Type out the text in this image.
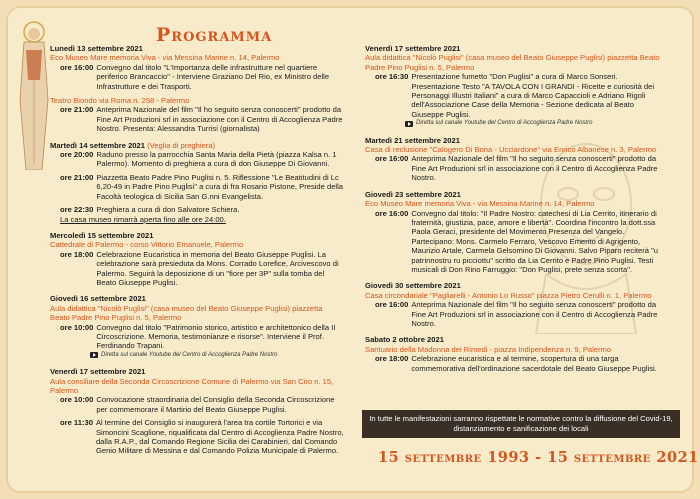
Programma
Lunedì 13 settembre 2021
Eco Museo Mare memoria Viva - via Messina Marine n. 14, Palermo
ore 16:00 Convegno dal titolo "L'Importanza delle infrastrutture nel quartiere periferico Brancaccio" - Interviene Graziano Del Rio, ex Ministro delle Infrastrutture e dei Trasporti.
Teatro Biondo via Roma n. 258 - Palermo
ore 21:00 Anteprima Nazionale del film "Il ho seguito senza conoscerti" prodotto da Fine Art Produzioni srl in associazione con il Centro di Accoglienza Padre Nostro. Presenta: Alessandra Turrisi (giornalista)
Martedì 14 settembre 2021 (Veglia di preghiera)
ore 20:00 Raduno presso la parrocchia Santa Maria della Pietà (piazza Kalsa n. 1 Palermo). Momento di preghiera a cura di don Giuseppe Di Giovanni.
ore 21:00 Piazzetta Beato Padre Pino Puglisi n. 5. Riflessione "Le Beatitudini di Lc 6,20-49 in Padre Pino Puglisi" a cura di fra Rosario Pistone, Preside della Facoltà teologica di Sicilia San G.nni Evangelista.
ore 22:30 Preghiera a cura di don Salvatore Schiera.
La casa museo rimarrà aperta fino alle ore 24:00.
Mercoledì 15 settembre 2021
Cattedrale di Palermo - corso Vittorio Emanuele, Palermo
ore 18:00 Celebrazione Eucaristica in memoria del Beato Giuseppe Puglisi. La celebrazione sarà presieduta da Mons. Corrado Lorefice, Arcivescovo di Palermo. Seguirà la deposizione di un "fiore per 3P" sulla tomba del Beato Giuseppe Puglisi.
Giovedì 16 settembre 2021
Aula didattica "Nicolò Puglisi" (casa museo del Beato Giuseppe Puglisi) piazzetta Beato Padre Pino Puglisi n. 5, Palermo
ore 10:00 Convegno dal titolo "Patrimonio storico, artistico e architettonico della II Circoscrizione. Memoria, testimonianze e risorse". Interviene il Prof. Ferdinando Trapani.
Diretta sul canale Youtube del Centro di Accoglienza Padre Nostro
Venerdì 17 settembre 2021
Aula consiliare della Seconda Circoscrizione Comune di Palermo via San Ciro n. 15, Palermo
ore 10:00 Convocazione straordinaria del Consiglio della Seconda Circoscrizione per commemorare il Martirio del Beato Giuseppe Puglisi.
ore 11:30 Al termine del Consiglio si inaugurerà l'area tra cortile Tortorici e via Simoncini Scaglione, riqualificata dal Centro di Accoglienza Padre Nostro, dalla R.A.P., dal Comando Regione Sicilia dei Carabinieri, dal Comando Genio Militare di Messina e dal Comando Polizia Municipale di Palermo.
Venerdì 17 settembre 2021
Aula didattica "Nicolò Puglisi" (casa museo del Beato Giuseppe Puglisi) piazzetta Beato Padre Pino Puglisi n. 5, Palermo
ore 16:30 Presentazione fumetto "Don Puglisi" a cura di Marco Sonseri. Presentazione Testo "A TAVOLA CON I GRANDI - Ricette e curiosità dei Personaggi Illustri Italiani" a cura di Marco Capaccioli e Adriano Rigoli dell'Associazione Case della Memoria - Sezione dedicata al Beato Giuseppe Puglisi.
Diretta sul canale Youtube del Centro di Accoglienza Padre Nostro
Martedì 21 settembre 2021
Casa di reclusione "Calogero Di Bona - Ucciardone" via Enrico Albanese n. 3, Palermo
ore 16:00 Anteprima Nazionale del film "Il ho seguito senza conoscerti" prodotto da Fine Art Produzioni srl in associazione con il Centro di Accoglienza Padre Nostro.
Giovedì 23 settembre 2021
Eco Museo Mare memoria Viva - via Messina Marine n. 14, Palermo
ore 16:00 Convegno dal titolo: "Il Padre Nostro: catechesi di Lia Cerrito, itinerario di fraternità, giustizia, pace, amore e libertà". Coordina l'incontro la dott.ssa Paola Geraci, presidente del Movimento Presenza del Vangelo. Partecipano: Mons. Carmelo Ferraro, Vescovo Emerito di Agrigento, Maurizio Artale, Carmela Gelsomino Di Giovanni. Salvo Piparo reciterà "u patrinnostru ru picciottu" scritto da Lia Cerrito e Padre Pino Puglisi. Testi musicali di Don Rino Farruggio: "Don Puglisi, prete senza scorta".
Giovedì 30 settembre 2021
Casa circondariale "Pagliarelli - Antonio Lo Russo" piazza Pietro Cerulli n. 1, Palermo
ore 16:00 Anteprima Nazionale del film "Il ho seguito senza conoscerti" prodotto da Fine Art Produzioni srl in associazione con il Centro di Accoglienza Padre Nostro.
Sabato 2 ottobre 2021
Santuario della Madonna dei Rimedi - piazza Indipendenza n. 9, Palermo
ore 18:00 Celebrazione eucaristica e al termine, scopertura di una targa commemorativa dell'ordinazione sacerdotale del Beato Giuseppe Puglisi.
In tutte le manifestazioni sarranno rispettate le normative contro la diffusione del Covid-19, distanziamento e sanificazione dei locali
15 settembre 1993 - 15 settembre 2021
